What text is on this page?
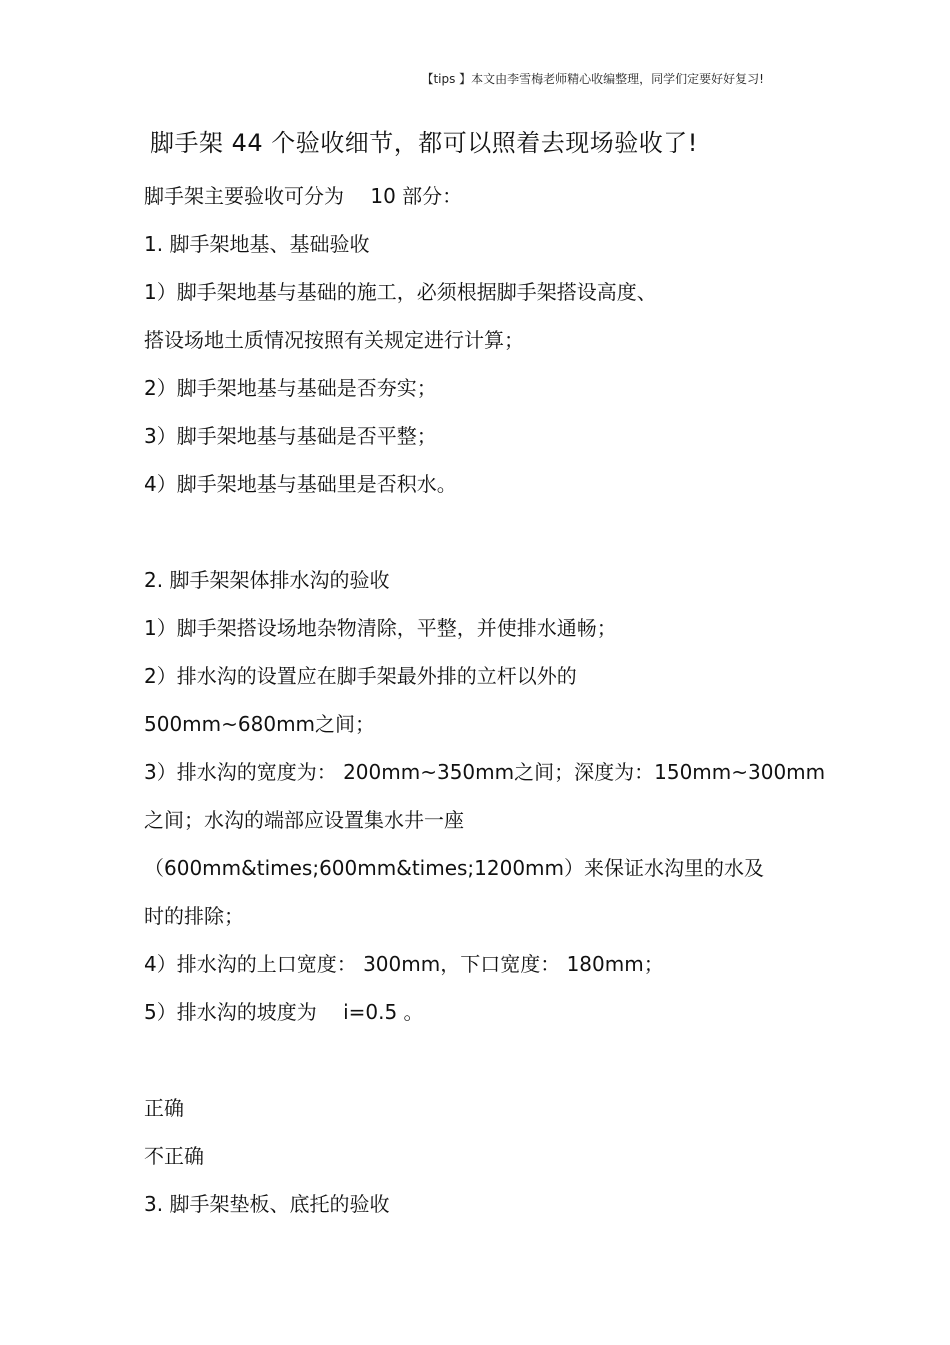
【tips 】本文由李雪梅老师精心收编整理，同学们定要好好复习!
脚手架 44 个验收细节，都可以照着去现场验收了!
脚手架主要验收可分为　 10 部分：
1. 脚手架地基、基础验收
1）脚手架地基与基础的施工，必须根据脚手架搭设高度、
搭设场地土质情况按照有关规定进行计算；
2）脚手架地基与基础是否夯实；
3）脚手架地基与基础是否平整；
4）脚手架地基与基础里是否积水。
2. 脚手架架体排水沟的验收
1）脚手架搭设场地杂物清除，平整，并使排水通畅；
2）排水沟的设置应在脚手架最外排的立杆以外的
500mm~680mm之间；
3）排水沟的宽度为： 200mm~350mm之间；深度为：150mm~300mm
之间；水沟的端部应设置集水井一座
（600mm&times;600mm&times;1200mm）来保证水沟里的水及
时的排除；
4）排水沟的上口宽度： 300mm，下口宽度： 180mm；
5）排水沟的坡度为　 i=0.5 。
正确
不正确
3. 脚手架垫板、底托的验收
